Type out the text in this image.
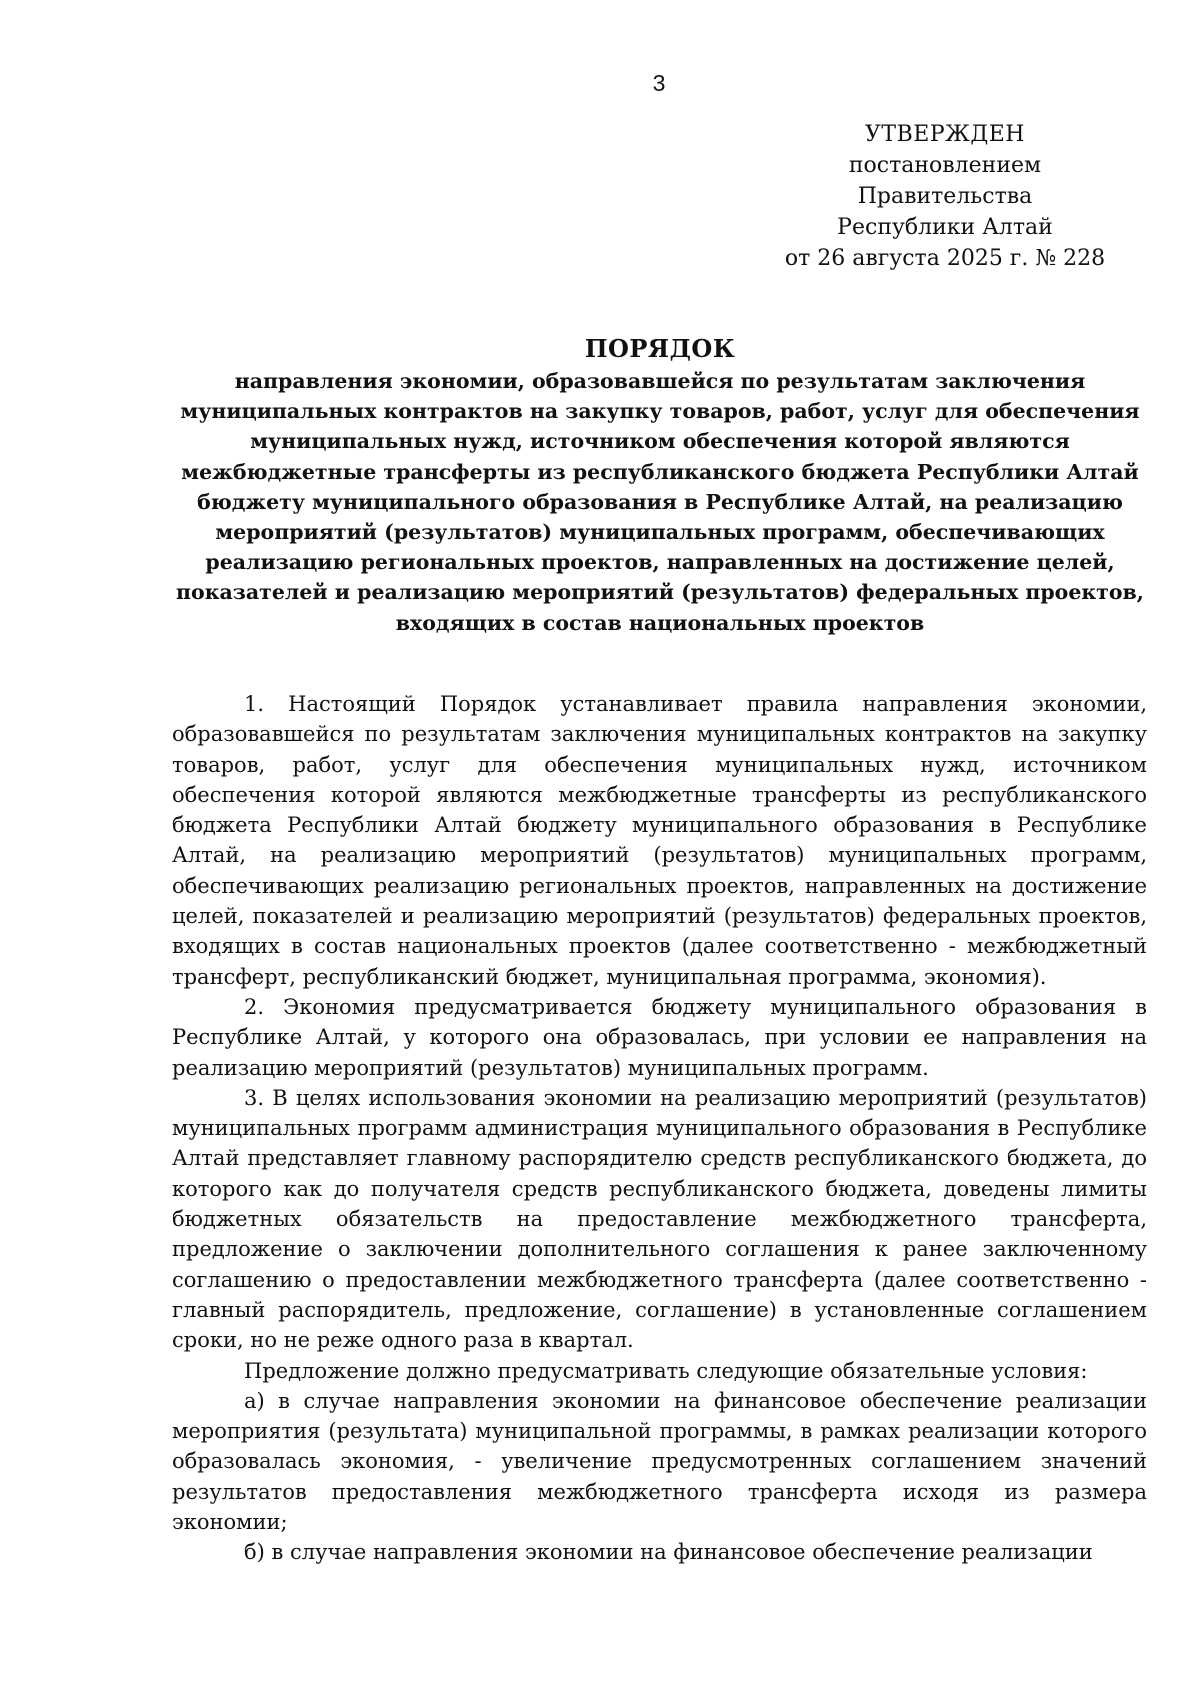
3
УТВЕРЖДЕН
постановлением Правительства
Республики Алтай
от 26 августа 2025 г. № 228
ПОРЯДОК
направления экономии, образовавшейся по результатам заключения муниципальных контрактов на закупку товаров, работ, услуг для обеспечения муниципальных нужд, источником обеспечения которой являются межбюджетные трансферты из республиканского бюджета Республики Алтай бюджету муниципального образования в Республике Алтай, на реализацию мероприятий (результатов) муниципальных программ, обеспечивающих реализацию региональных проектов, направленных на достижение целей, показателей и реализацию мероприятий (результатов) федеральных проектов, входящих в состав национальных проектов

1. Настоящий Порядок устанавливает правила направления экономии, образовавшейся по результатам заключения муниципальных контрактов на закупку товаров, работ, услуг для обеспечения муниципальных нужд, источником обеспечения которой являются межбюджетные трансферты из республиканского бюджета Республики Алтай бюджету муниципального образования в Республике Алтай, на реализацию мероприятий (результатов) муниципальных программ, обеспечивающих реализацию региональных проектов, направленных на достижение целей, показателей и реализацию мероприятий (результатов) федеральных проектов, входящих в состав национальных проектов (далее соответственно - межбюджетный трансферт, республиканский бюджет, муниципальная программа, экономия).

2. Экономия предусматривается бюджету муниципального образования в Республике Алтай, у которого она образовалась, при условии ее направления на реализацию мероприятий (результатов) муниципальных программ.

3. В целях использования экономии на реализацию мероприятий (результатов) муниципальных программ администрация муниципального образования в Республике Алтай представляет главному распорядителю средств республиканского бюджета, до которого как до получателя средств республиканского бюджета, доведены лимиты бюджетных обязательств на предоставление межбюджетного трансферта, предложение о заключении дополнительного соглашения к ранее заключенному соглашению о предоставлении межбюджетного трансферта (далее соответственно - главный распорядитель, предложение, соглашение) в установленные соглашением сроки, но не реже одного раза в квартал.

Предложение должно предусматривать следующие обязательные условия:

а) в случае направления экономии на финансовое обеспечение реализации мероприятия (результата) муниципальной программы, в рамках реализации которого образовалась экономия, - увеличение предусмотренных соглашением значений результатов предоставления межбюджетного трансферта исходя из размера экономии;

б) в случае направления экономии на финансовое обеспечение реализации
